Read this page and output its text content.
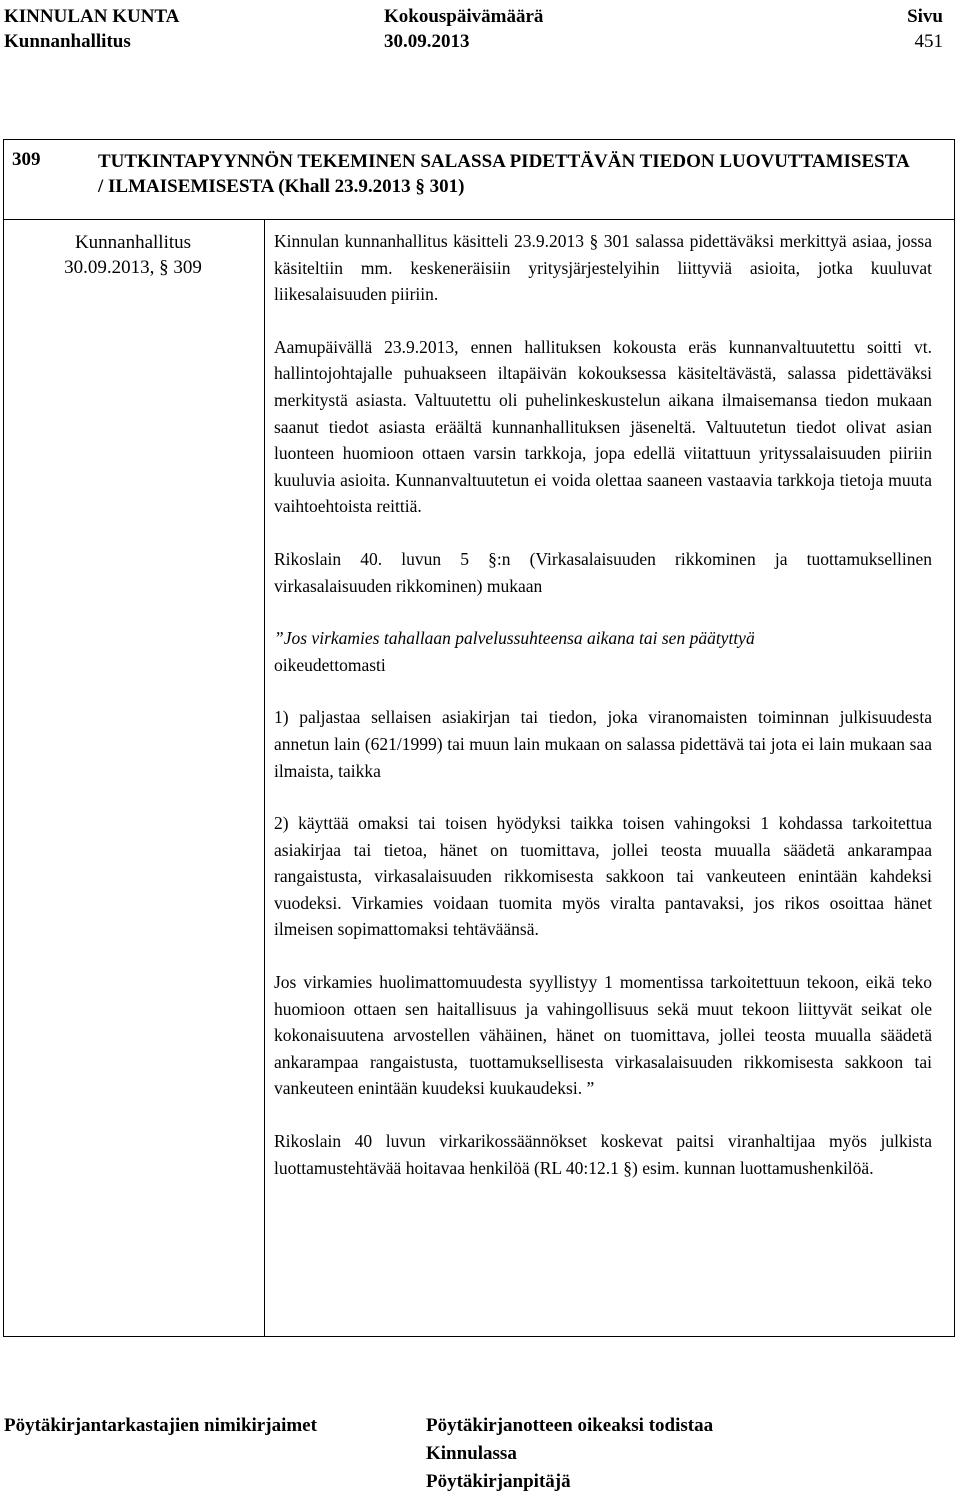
KINNULAN KUNTA
Kunnanhallitus
Kokouspäivämäärä
30.09.2013
Sivu
451
309	TUTKINTAPYYNNÖN TEKEMINEN SALASSA PIDETTÄVÄN TIEDON LUOVUTTAMISESTA / ILMAISEMISESTA (Khall 23.9.2013 § 301)
Kunnanhallitus
30.09.2013, § 309

Kinnulan kunnanhallitus käsitteli 23.9.2013 § 301 salassa pidettäväksi merkittyä asiaa, jossa käsiteltiin mm. keskeneräisiin yritysjärjestelyihin liittyviä asioita, jotka kuuluvat liikesalaisuuden piiriin.

Aamupäivällä 23.9.2013, ennen hallituksen kokousta eräs kunnanvaltuutettu soitti vt. hallintojohtajalle puhuakseen iltapäivän kokouksessa käsiteltävästä, salassa pidettäväksi merkitystä asiasta. Valtuutettu oli puhelinkeskustelun aikana ilmaisemansa tiedon mukaan saanut tiedot asiasta eräältä kunnanhallituksen jäseneltä. Valtuutetun tiedot olivat asian luonteen huomioon ottaen varsin tarkkoja, jopa edellä viitattuun yrityssalaisuuden piiriin kuuluvia asioita. Kunnanvaltuutetun ei voida olettaa saaneen vastaavia tarkkoja tietoja muuta vaihtoehtoista reittiä.

Rikoslain 40. luvun 5 §:n (Virkasalaisuuden rikkominen ja tuottamuksellinen virkasalaisuuden rikkominen) mukaan

”Jos virkamies tahallaan palvelussuhteensa aikana tai sen päätyttyä

oikeudettomasti

1) paljastaa sellaisen asiakirjan tai tiedon, joka viranomaisten toiminnan julkisuudesta annetun lain (621/1999) tai muun lain mukaan on salassa pidettävä tai jota ei lain mukaan saa ilmaista, taikka

2) käyttää omaksi tai toisen hyödyksi taikka toisen vahingoksi 1 kohdassa tarkoitettua asiakirjaa tai tietoa, hänet on tuomittava, jollei teosta muualla säädetä ankarampaa rangaistusta, virkasalaisuuden rikkomisesta sakkoon tai vankeuteen enintään kahdeksi vuodeksi. Virkamies voidaan tuomita myös viralta pantavaksi, jos rikos osoittaa hänet ilmeisen sopimattomaksi tehtäväänsä.

Jos virkamies huolimattomuudesta syyllistyy 1 momentissa tarkoitettuun tekoon, eikä teko huomioon ottaen sen haitallisuus ja vahingollisuus sekä muut tekoon liittyvät seikat ole kokonaisuutena arvostellen vähäinen, hänet on tuomittava, jollei teosta muualla säädetä ankarampaa rangaistusta, tuottamuksellisesta virkasalaisuuden rikkomisesta sakkoon tai vankeuteen enintään kuudeksi kuukaudeksi. ”

Rikoslain 40 luvun virkarikossäännökset koskevat paitsi viranhaltijaa myös julkista luottamustehtävää hoitavaa henkilöä (RL 40:12.1 §) esim. kunnan luottamushenkilöä.

Pöytäkirjantarkastajien nimikirjaimet	Pöytäkirjanotteen oikeaksi todistaa
Kinnulassa
Pöytäkirjanpitäjä
